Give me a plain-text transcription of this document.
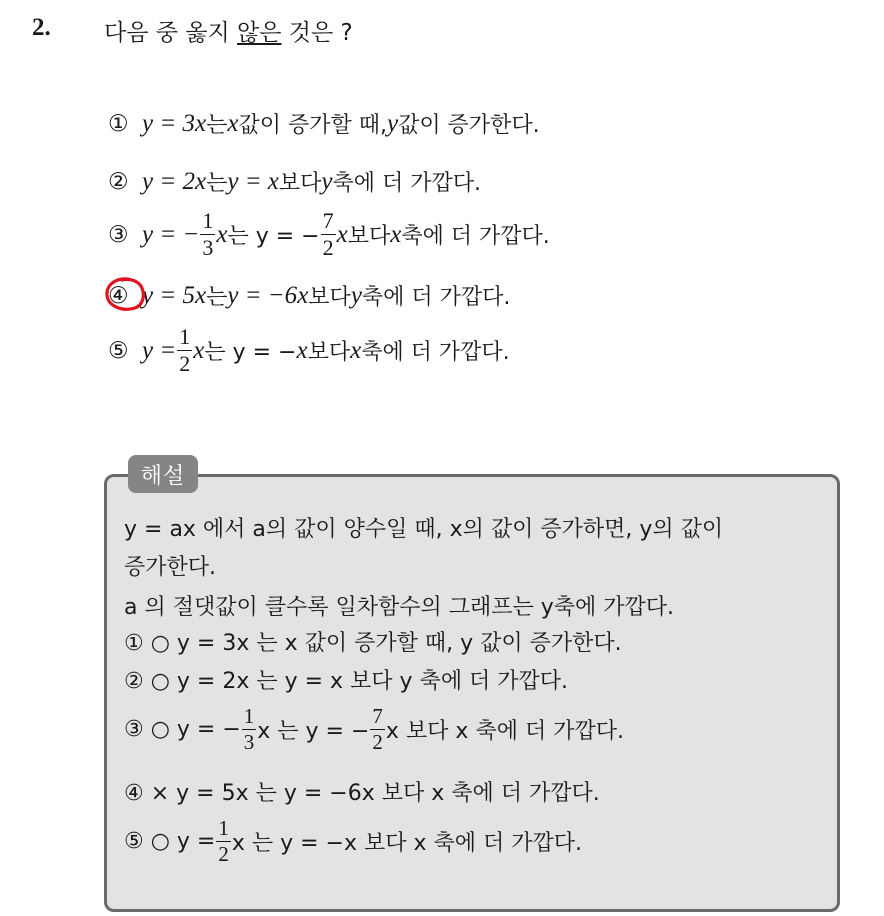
2. 다음 중 옳지 않은 것은 ?
① y = 3 x 는 x 값이 증가할 때, y 값이 증가한다.
② y = 2 x 는 y = x 보다 y 축에 더 가깝다.
③ y = − $\frac{1}{3}$ x 는 y = − $\frac{7}{2}$ x 보다 x 축에 더 가깝다.
④ y = 5 x 는 y = −6 x 보다 y 축에 더 가깝다.
⑤ $y = \frac{1}{2}$ x 는 y = − x 보다 x 축에 더 가깝다.
해설
y = ax 에서 a의 값이 양수일 때, x의 값이 증가하면, y의 값이
증가한다.
a 의 절댓값이 클수록 일차함수의 그래프는 y축에 가깝다.
① ○ y = 3x 는 x 값이 증가할 때, y 값이 증가한다.
② ○ y = 2x 는 y = x 보다 y 축에 더 가깝다.
③ ○ y = − $\frac{1}{3}$ x 는 y = − $\frac{7}{2}$ x 보다 x 축에 더 가깝다.
④ × y = 5x 는 y = −6x 보다 x 축에 더 가깝다.
⑤ ○ $y = \frac{1}{2}$ x 는 y = −x 보다 x 축에 더 가깝다.
